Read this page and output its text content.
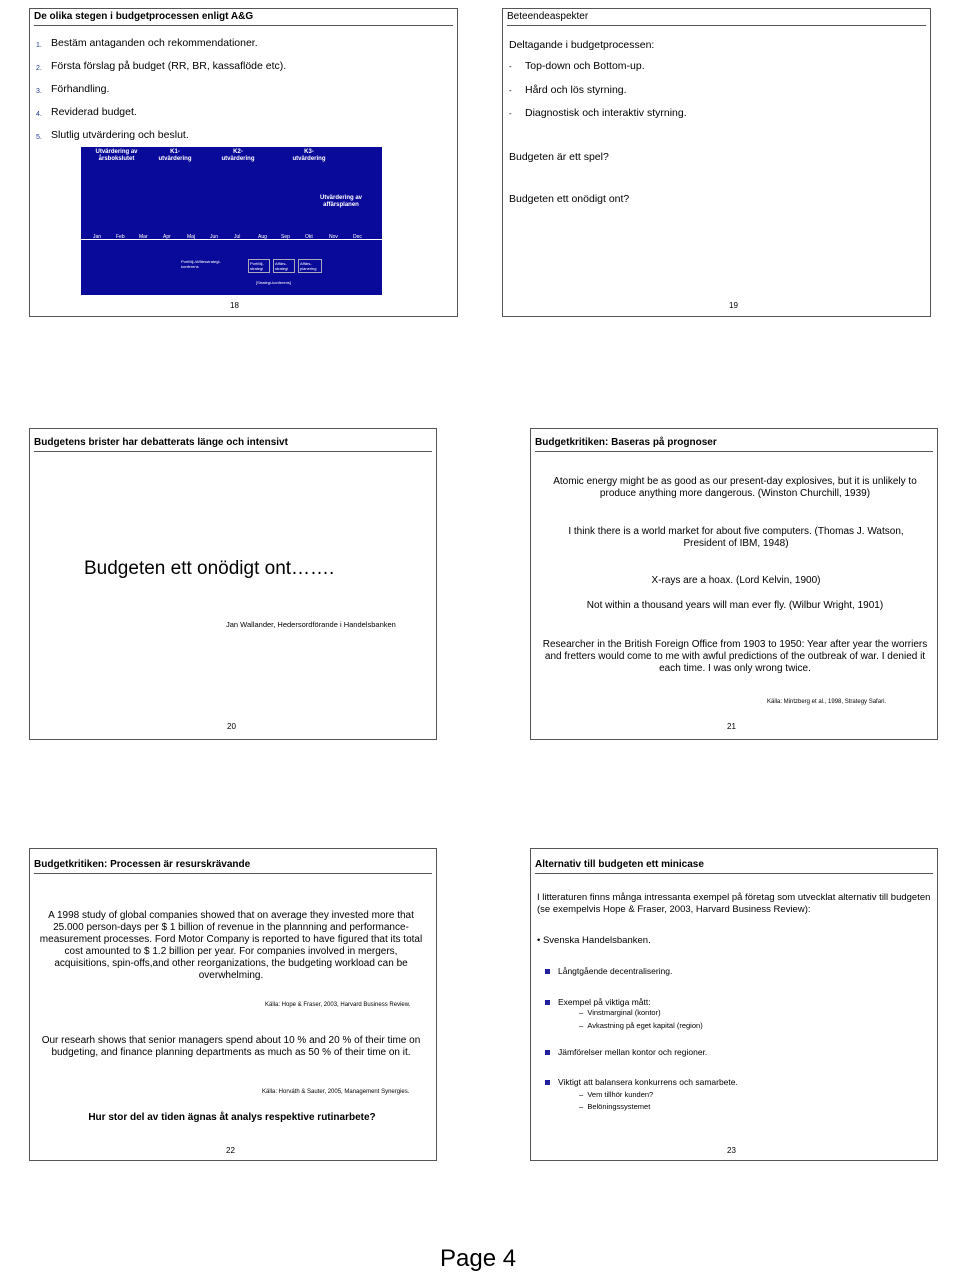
De olika stegen i budgetprocessen enligt A&G
1. Bestäm antaganden och rekommendationer.
2. Första förslag på budget (RR, BR, kassaflöde etc).
3. Förhandling.
4. Reviderad budget.
5. Slutlig utvärdering och beslut.
18
Utvärdering av årsbokslutet
K1-utvärdering
K2-utvärdering
K3-utvärdering
Utvärdering av affärsplanen
Jan	Feb	Mar	Apr	Maj	Jun	Jul	Aug	Sep	Okt	Nov	Dec
Portfölj-/Affärsstrategi-konferens
Portfölj-strategi
Affärs-strategi
Affärs-planering
[Strategi-konferens]
Beteendeaspekter
Deltagande i budgetprocessen:
- Top-down och Bottom-up.
- Hård och lös styrning.
- Diagnostisk och interaktiv styrning.
Budgeten är ett spel?
Budgeten ett onödigt ont?
19
Budgetens brister har debatterats länge och intensivt
Budgeten ett onödigt ont…….
Jan Wallander, Hedersordförande i Handelsbanken
20
Budgetkritiken: Baseras på prognoser
Atomic energy might be as good as our present-day explosives, but it is unlikely to produce anything more dangerous. (Winston Churchill, 1939)
I think there is a world market for about five computers. (Thomas J. Watson, President of IBM, 1948)
X-rays are a hoax. (Lord Kelvin, 1900)
Not within a thousand years will man ever fly. (Wilbur Wright, 1901)
Researcher in the British Foreign Office from 1903 to 1950: Year after year the worriers and fretters would come to me with awful predictions of the outbreak of war. I denied it each time. I was only wrong twice.
Källa: Mintzberg et al., 1998, Strategy Safari.
21
Budgetkritiken: Processen är resurskrävande
A 1998 study of global companies showed that on average they invested more that 25.000 person-days per $ 1 billion of revenue in the plannning and performance-measurement processes. Ford Motor Company is reported to have figured that its total cost amounted to $ 1.2 billion per year. For companies involved in mergers, acquisitions, spin-offs,and other reorganizations, the budgeting workload can be overwhelming.
Källa: Hope & Fraser, 2003, Harvard Business Review.
Our researh shows that senior managers spend about 10 % and 20 % of their time on budgeting, and finance planning departments as much as 50 % of their time on it.
Källa: Horváth & Sauter, 2005, Management Synergies.
Hur stor del av tiden ägnas åt analys respektive rutinarbete?
22
Alternativ till budgeten ett minicase
I litteraturen finns många intressanta exempel på företag som utvecklat alternativ till budgeten (se exempelvis Hope & Fraser, 2003, Harvard Business Review):
• Svenska Handelsbanken.
Långtgående decentralisering.
Exempel på viktiga mått:
–  Vinstmarginal (kontor)
–  Avkastning på eget kapital (region)
Jämförelser mellan kontor och regioner.
Viktigt att balansera konkurrens och samarbete.
–  Vem tillhör kunden?
–  Belöningssystemet
23
Page 4
